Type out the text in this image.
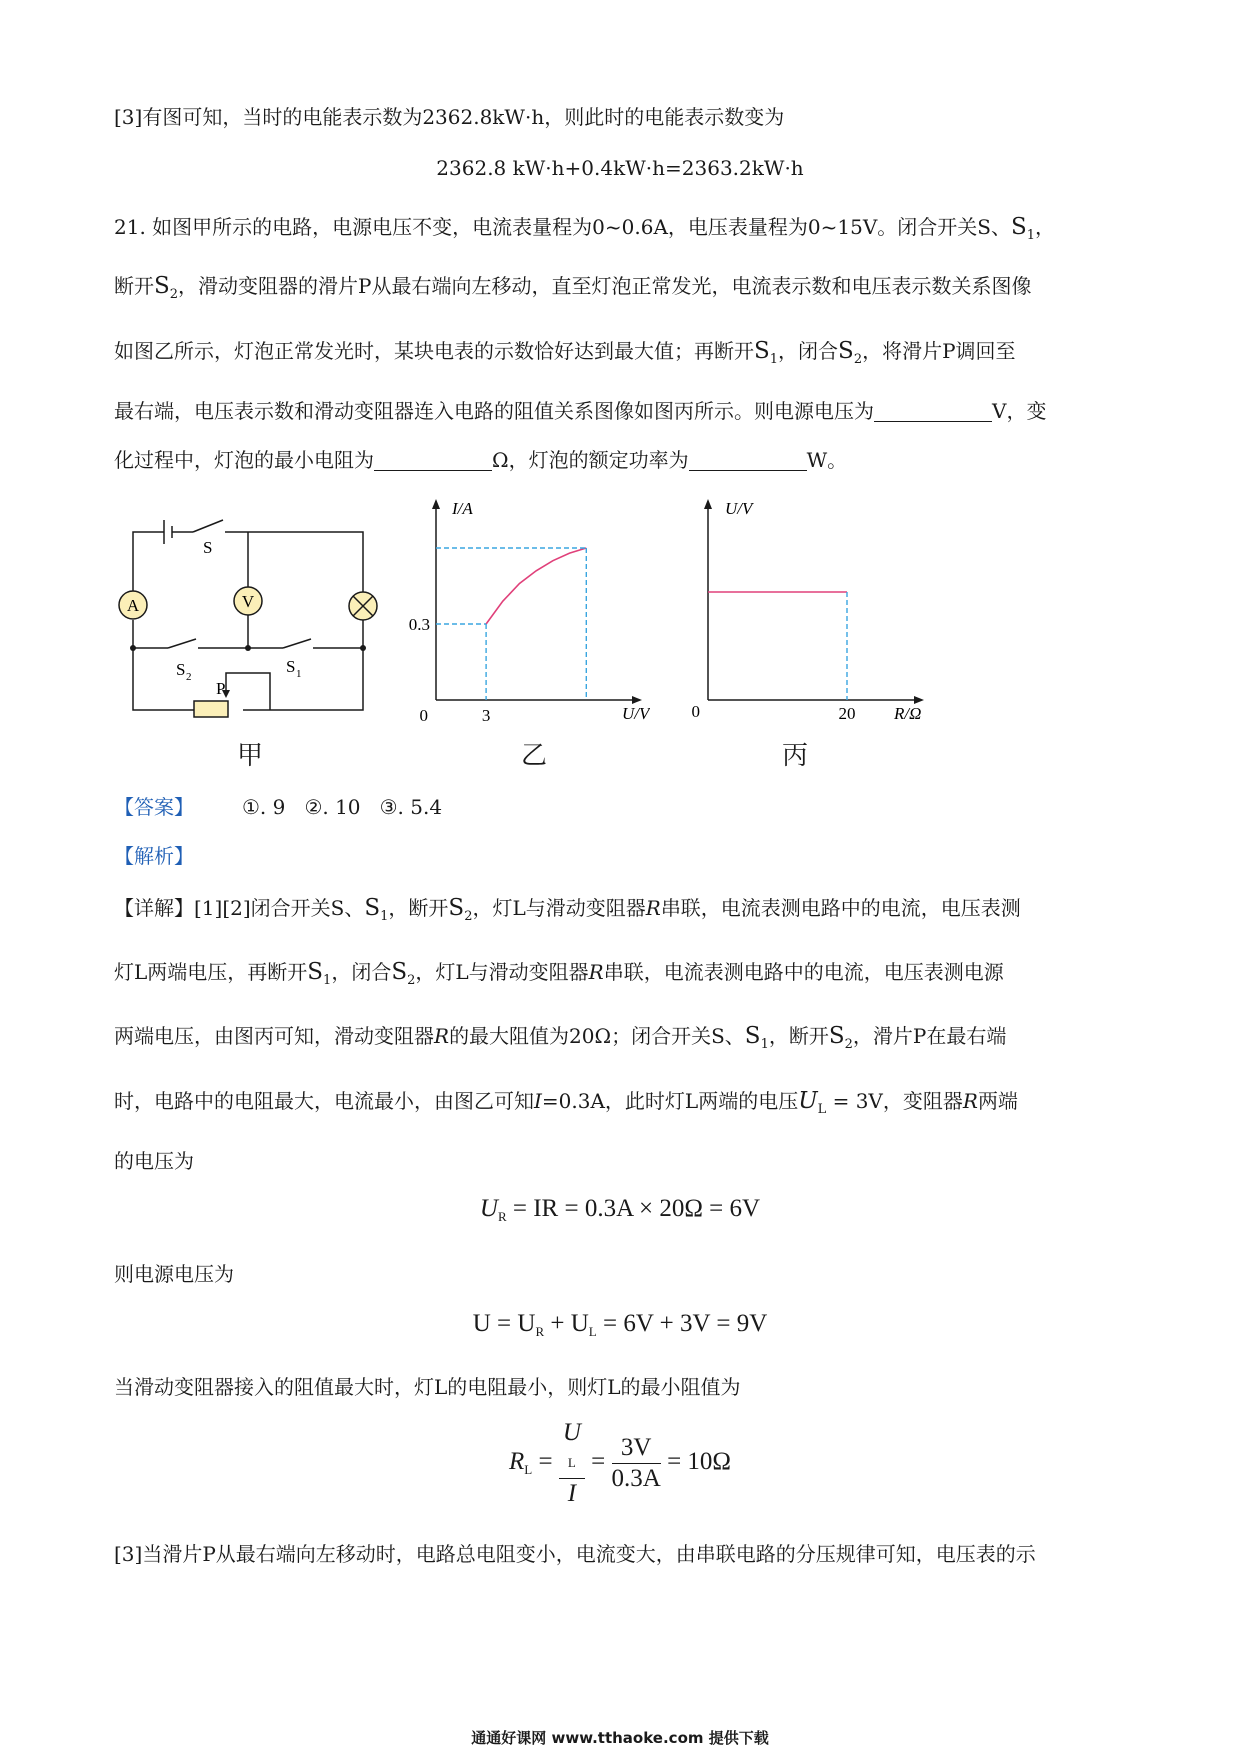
[3]有图可知，当时的电能表示数为2362.8kW·h，则此时的电能表示数变为
2362.8 kW·h+0.4kW·h=2363.2kW·h
21. 如图甲所示的电路，电源电压不变，电流表量程为0~0.6A，电压表量程为0~15V。闭合开关S、$S_1$，
断开$S_2$，滑动变阻器的滑片P从最右端向左移动，直至灯泡正常发光，电流表示数和电压表示数关系图像
如图乙所示，灯泡正常发光时，某块电表的示数恰好达到最大值；再断开$S_1$，闭合$S_2$，将滑片P调回至
最右端，电压表示数和滑动变阻器连入电路的阻值关系图像如图丙所示。则电源电压为	V，变
化过程中，灯泡的最小电阻为	Ω，灯泡的额定功率为	W。
A	V
S
S 2
S 1
P
甲
I/A
U/V
0	3
0.3
乙
U/V
R/Ω
0	20
丙
【答案】 ①. 9   ②. 10   ③. 5.4
【解析】
【详解】[1][2]闭合开关S、$S_1$，断开$S_2$，灯L与滑动变阻器R串联，电流表测电路中的电流，电压表测
灯L两端电压，再断开$S_1$，闭合$S_2$，灯L与滑动变阻器R串联，电流表测电路中的电流，电压表测电源
两端电压，由图丙可知，滑动变阻器R的最大阻值为20Ω；闭合开关S、$S_1$，断开$S_2$，滑片P在最右端
时，电路中的电阻最大，电流最小，由图乙可知I=0.3A，此时灯L两端的电压$U_L = 3V$，变阻器R两端
的电压为
$U_R$ = IR = 0.3A × 20Ω = 6V
则电源电压为
$U = U_R + U_L = 6V + 3V = 9V$
当滑动变阻器接入的阻值最大时，灯L的电阻最小，则灯L的最小阻值为
$R_L = U$
L
$I = \frac{3V}{0.3A} = 10\Omega$
[3]当滑片P从最右端向左移动时，电路总电阻变小，电流变大，由串联电路的分压规律可知，电压表的示
通通好课网 www.tthaoke.com 提供下载
